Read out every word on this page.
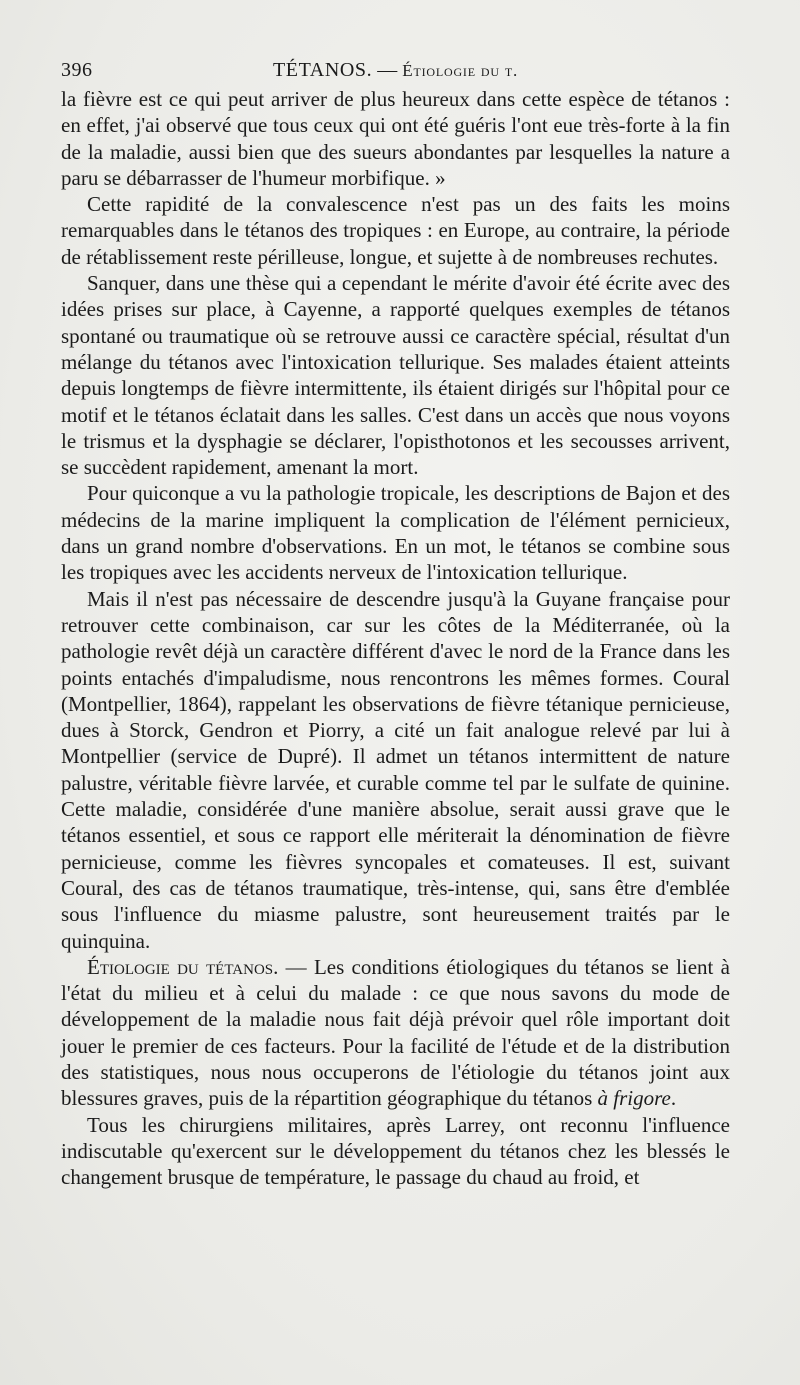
396	TÉTANOS. — Étiologie du t.

la fièvre est ce qui peut arriver de plus heureux dans cette espèce de tétanos : en effet, j'ai observé que tous ceux qui ont été guéris l'ont eue très-forte à la fin de la maladie, aussi bien que des sueurs abondantes par lesquelles la nature a paru se débarrasser de l'humeur morbifique. »

Cette rapidité de la convalescence n'est pas un des faits les moins remarquables dans le tétanos des tropiques : en Europe, au contraire, la période de rétablissement reste périlleuse, longue, et sujette à de nombreuses rechutes.

Sanquer, dans une thèse qui a cependant le mérite d'avoir été écrite avec des idées prises sur place, à Cayenne, a rapporté quelques exemples de tétanos spontané ou traumatique où se retrouve aussi ce caractère spécial, résultat d'un mélange du tétanos avec l'intoxication tellurique. Ses malades étaient atteints depuis longtemps de fièvre intermittente, ils étaient dirigés sur l'hôpital pour ce motif et le tétanos éclatait dans les salles. C'est dans un accès que nous voyons le trismus et la dysphagie se déclarer, l'opisthotonos et les secousses arrivent, se succèdent rapidement, amenant la mort.

Pour quiconque a vu la pathologie tropicale, les descriptions de Bajon et des médecins de la marine impliquent la complication de l'élément pernicieux, dans un grand nombre d'observations. En un mot, le tétanos se combine sous les tropiques avec les accidents nerveux de l'intoxication tellurique.

Mais il n'est pas nécessaire de descendre jusqu'à la Guyane française pour retrouver cette combinaison, car sur les côtes de la Méditerranée, où la pathologie revêt déjà un caractère différent d'avec le nord de la France dans les points entachés d'impaludisme, nous rencontrons les mêmes formes. Coural (Montpellier, 1864), rappelant les observations de fièvre tétanique pernicieuse, dues à Storck, Gendron et Piorry, a cité un fait analogue relevé par lui à Montpellier (service de Dupré). Il admet un tétanos intermittent de nature palustre, véritable fièvre larvée, et curable comme tel par le sulfate de quinine. Cette maladie, considérée d'une manière absolue, serait aussi grave que le tétanos essentiel, et sous ce rapport elle mériterait la dénomination de fièvre pernicieuse, comme les fièvres syncopales et comateuses. Il est, suivant Coural, des cas de tétanos traumatique, très-intense, qui, sans être d'emblée sous l'influence du miasme palustre, sont heureusement traités par le quinquina.

Étiologie du tétanos. — Les conditions étiologiques du tétanos se lient à l'état du milieu et à celui du malade : ce que nous savons du mode de développement de la maladie nous fait déjà prévoir quel rôle important doit jouer le premier de ces facteurs. Pour la facilité de l'étude et de la distribution des statistiques, nous nous occuperons de l'étiologie du tétanos joint aux blessures graves, puis de la répartition géographique du tétanos à frigore.

Tous les chirurgiens militaires, après Larrey, ont reconnu l'influence indiscutable qu'exercent sur le développement du tétanos chez les blessés le changement brusque de température, le passage du chaud au froid, et
